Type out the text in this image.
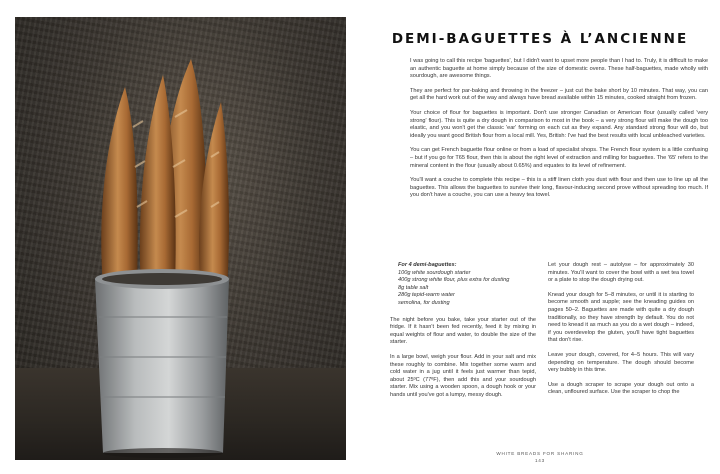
DEMI-BAGUETTES À L’ANCIENNE

I was going to call this recipe 'baguettes', but I didn't want to upset more people than I had to. Truly, it is difficult to make an authentic baguette at home simply because of the size of domestic ovens. These half-baguettes, made wholly with sourdough, are awesome things.

They are perfect for par-baking and throwing in the freezer – just cut the bake short by 10 minutes. That way, you can get all the hard work out of the way and always have bread available within 15 minutes, cooked straight from frozen.

Your choice of flour for baguettes is important. Don't use stronger Canadian or American flour (usually called 'very strong' flour). This is quite a dry dough in comparison to most in the book – a very strong flour will make the dough too elastic, and you won't get the classic 'ear' forming on each cut as they expand. Any standard strong flour will do, but ideally you want good British flour from a local mill. Yes, British: I've had the best results with local unbleached varieties.

You can get French baguette flour online or from a load of specialist shops. The French flour system is a little confusing – but if you go for T65 flour, then this is about the right level of extraction and milling for baguettes. The '65' refers to the mineral content in the flour (usually about 0.65%) and equates to its level of refinement.

You'll want a couche to complete this recipe – this is a stiff linen cloth you dust with flour and then use to line up all the baguettes. This allows the baguettes to survive their long, flavour-inducing second prove without spreading too much. If you don't have a couche, you can use a heavy tea towel.

For 4 demi-baguettes:
100g white sourdough starter
400g strong white flour, plus extra for dusting
8g table salt
280g tepid-warm water
semolina, for dusting

The night before you bake, take your starter out of the fridge. If it hasn't been fed recently, feed it by mixing in equal weights of flour and water, to double the size of the starter.

In a large bowl, weigh your flour. Add in your salt and mix these roughly to combine. Mix together some warm and cold water in a jug until it feels just warmer than tepid, about 25ºC (77ºF), then add this and your sourdough starter. Mix using a wooden spoon, a dough hook or your hands until you've got a lumpy, messy dough.

Let your dough rest – autolyse – for approximately 30 minutes. You'll want to cover the bowl with a wet tea towel or a plate to stop the dough drying out.

Knead your dough for 5–8 minutes, or until it is starting to become smooth and supple; see the kneading guides on pages 50–2. Baguettes are made with quite a dry dough traditionally, so they have strength by default. You do not need to knead it as much as you do a wet dough – indeed, if you overdevelop the gluten, you'll have tight baguettes that don't rise.

Leave your dough, covered, for 4–5 hours. This will vary depending on temperature. The dough should become very bubbly in this time.

Use a dough scraper to scrape your dough out onto a clean, unfloured surface. Use the scraper to chop the

WHITE BREADS FOR SHARING
143
